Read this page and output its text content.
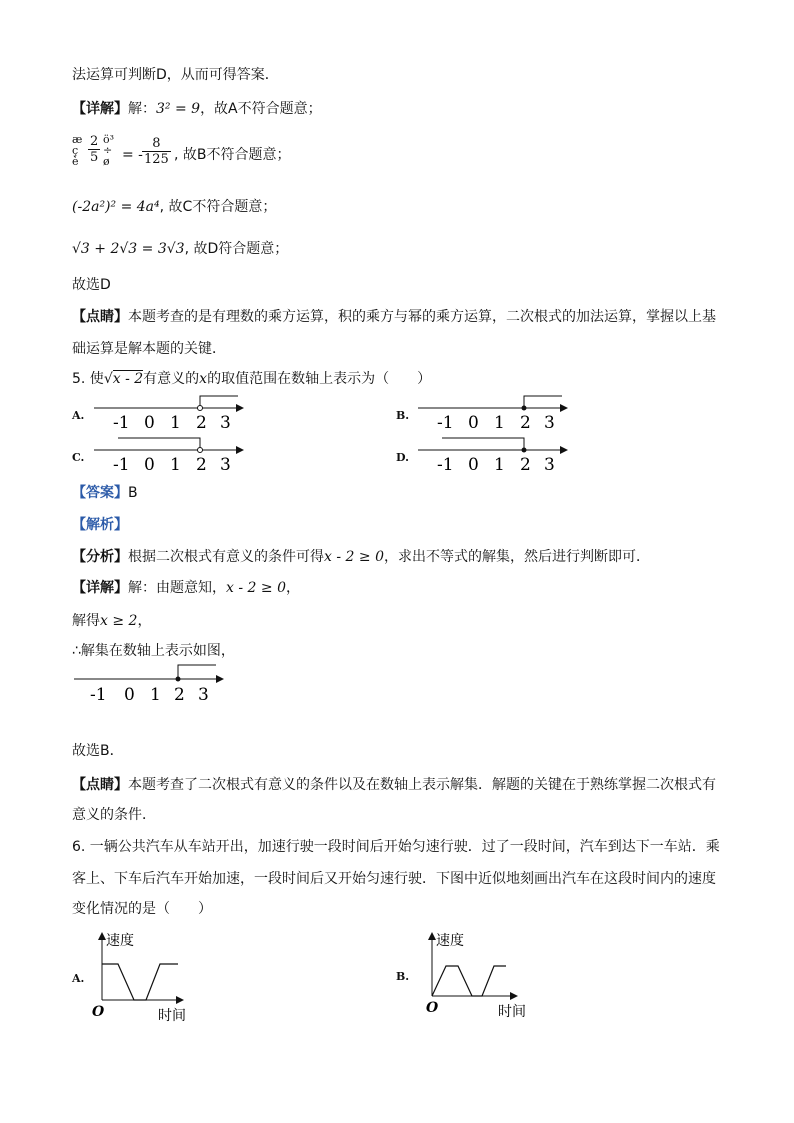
法运算可判断D，从而可得答案．
【详解】解：3² = 9，故A不符合题意；
æ
ç
è $\frac{2}{5}$ ö³
÷
ø = - $\frac{8}{125}$ , 故B不符合题意；
(-2a²)² = 4a⁴, 故C不符合题意；
√3 + 2√3 = 3√3, 故D符合题意；
故选D
【点睛】本题考查的是有理数的乘方运算，积的乘方与幂的乘方运算，二次根式的加法运算，掌握以上基
础运算是解本题的关键．
5. 使√x - 2有意义的x的取值范围在数轴上表示为（　　）
A.	B.
C.	D.
-1 0 1 2 3	-1 0 1 2 3
-1 0 1 2 3	-1 0 1 2 3
【答案】B
【解析】
【分析】根据二次根式有意义的条件可得x - 2 ≥ 0，求出不等式的解集，然后进行判断即可．
【详解】解：由题意知，x - 2 ≥ 0，
解得x ≥ 2，
∴解集在数轴上表示如图，
-1 0 1 2 3
故选B．
【点睛】本题考查了二次根式有意义的条件以及在数轴上表示解集．解题的关键在于熟练掌握二次根式有
意义的条件．
6. 一辆公共汽车从车站开出，加速行驶一段时间后开始匀速行驶．过了一段时间，汽车到达下一车站．乘
客上、下车后汽车开始加速，一段时间后又开始匀速行驶．下图中近似地刻画出汽车在这段时间内的速度
变化情况的是（　　）
A.
速度
时间
O
B.
速度
时间
O
